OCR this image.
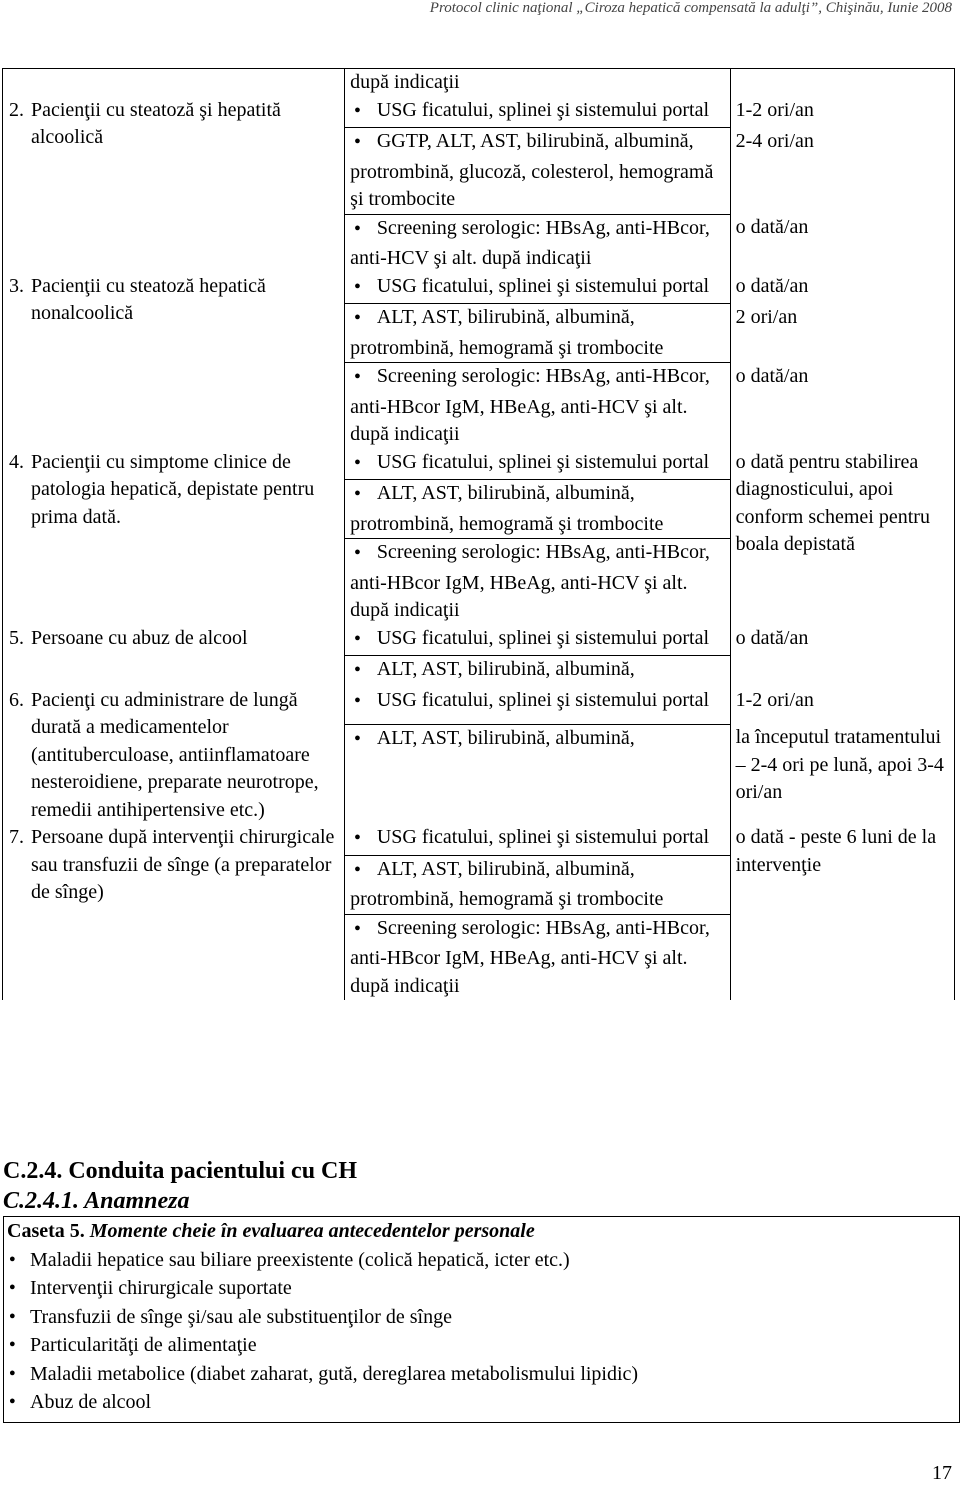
Protocol clinic naţional „Ciroza hepatică compensată la adulţi”, Chişinău, Iunie 2008
	după indicaţii	

2. Pacienţii cu steatoză şi hepatită alcoolică	● USG ficatului, splinei şi sistemului portal	1-2 ori/an
	● GGTP, ALT, AST, bilirubină, albumină, protrombină, glucoză, colesterol, hemogramă şi trombocite	2-4 ori/an
	● Screening serologic: HBsAg, anti-HBcor, anti-HCV şi alt. după indicaţii	o dată/an

3. Pacienţii cu steatoză hepatică nonalcoolică	● USG ficatului, splinei şi sistemului portal	o dată/an
	● ALT, AST, bilirubină, albumină, protrombină, hemogramă şi trombocite	2 ori/an
	● Screening serologic: HBsAg, anti-HBcor, anti-HBcor IgM, HBeAg, anti-HCV şi alt. după indicaţii	o dată/an

4. Pacienţii cu simptome clinice de patologia hepatică, depistate pentru prima dată.	● USG ficatului, splinei şi sistemului portal	o dată pentru stabilirea diagnosticului, apoi conform schemei pentru boala depistată
	● ALT, AST, bilirubină, albumină, protrombină, hemogramă şi trombocite
	● Screening serologic: HBsAg, anti-HBcor, anti-HBcor IgM, HBeAg, anti-HCV şi alt. după indicaţii

5. Persoane cu abuz de alcool	● USG ficatului, splinei şi sistemului portal	o dată/an
	● ALT, AST, bilirubină, albumină,

6. Pacienţi cu administrare de lungă durată a medicamentelor (antituberculoase, antiinflamatoare nesteroidiene, preparate neurotrope, remedii antihipertensive etc.)	● USG ficatului, splinei şi sistemului portal	1-2 ori/an
	● ALT, AST, bilirubină, albumină,	la începutul tratamentului – 2-4 ori pe lună, apoi 3-4 ori/an

7. Persoane după intervenţii chirurgicale sau transfuzii de sînge (a preparatelor de sînge)	● USG ficatului, splinei şi sistemului portal	o dată - peste 6 luni de la intervenţie
	● ALT, AST, bilirubină, albumină, protrombină, hemogramă şi trombocite
	● Screening serologic: HBsAg, anti-HBcor, anti-HBcor IgM, HBeAg, anti-HCV şi alt. după indicaţii
C.2.4. Conduita pacientului cu CH
C.2.4.1. Anamneza
Caseta 5. Momente cheie în evaluarea antecedentelor personale
● Maladii hepatice sau biliare preexistente (colică hepatică, icter etc.)
● Intervenţii chirurgicale suportate
● Transfuzii de sînge şi/sau ale substituenţilor de sînge
● Particularităţi de alimentaţie
● Maladii metabolice (diabet zaharat, gută, dereglarea metabolismului lipidic)
● Abuz de alcool
17
